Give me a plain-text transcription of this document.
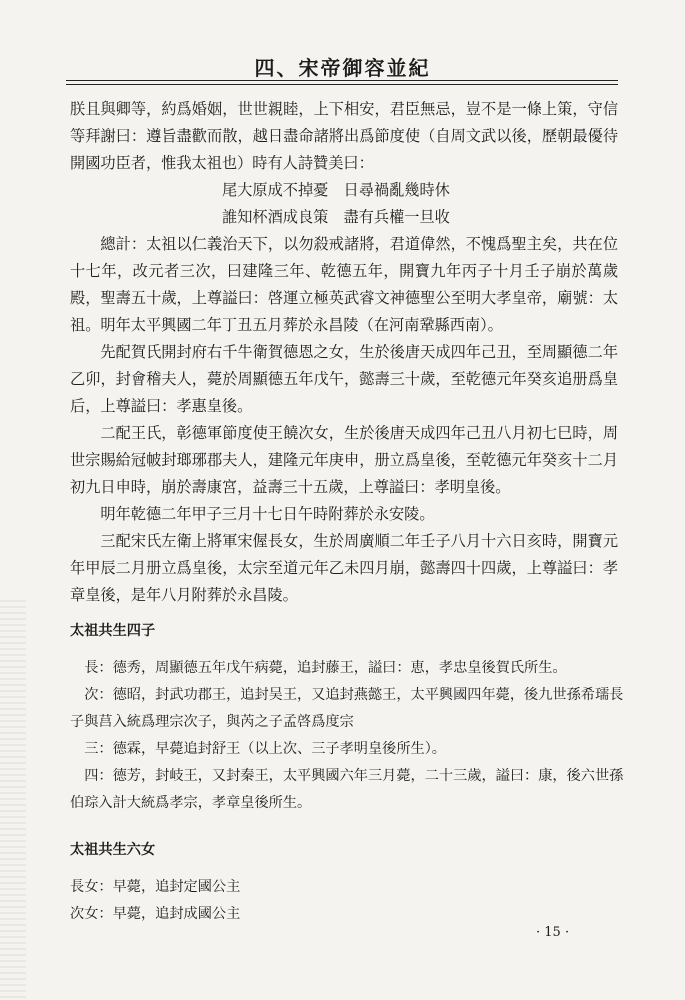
四、宋帝御容並紀

朕且與卿等，約爲婚姻，世世親睦，上下相安，君臣無忌，豈不是一條上策，守信等拜謝曰：遵旨盡歡而散，越日盡命諸將出爲節度使（自周文武以後，歷朝最優待開國功臣者，惟我太祖也）時有人詩贊美曰：

尾大原成不掉憂　日尋禍亂幾時休

誰知杯酒成良策　盡有兵權一旦收

總計：太祖以仁義治天下，以勿殺戒諸將，君道偉然，不愧爲聖主矣，共在位十七年，改元者三次，曰建隆三年、乾德五年，開寶九年丙子十月壬子崩於萬歲殿，聖壽五十歲，上尊謚曰：啓運立極英武睿文神德聖公至明大孝皇帝，廟號：太祖。明年太平興國二年丁丑五月葬於永昌陵（在河南鞏縣西南）。

先配賀氏開封府右千牛衛賀德恩之女，生於後唐天成四年己丑，至周顯德二年乙卯，封會稽夫人，薨於周顯德五年戊午，懿壽三十歲，至乾德元年癸亥追册爲皇后，上尊謚曰：孝惠皇後。

二配王氏，彰德軍節度使王饒次女，生於後唐天成四年己丑八月初七巳時，周世宗賜給冠帔封瑯琊郡夫人，建隆元年庚申，册立爲皇後，至乾德元年癸亥十二月初九日申時，崩於壽康宮，益壽三十五歲，上尊謚曰：孝明皇後。

明年乾德二年甲子三月十七日午時附葬於永安陵。

三配宋氏左衛上將軍宋偓長女，生於周廣順二年壬子八月十六日亥時，開寶元年甲辰二月册立爲皇後，太宗至道元年乙未四月崩，懿壽四十四歲，上尊謚曰：孝章皇後，是年八月附葬於永昌陵。

太祖共生四子

長：德秀，周顯德五年戊午病薨，追封藤王，謚曰：恵，孝忠皇後賀氏所生。

次：德昭，封武功郡王，追封吴王，又追封燕懿王，太平興國四年薨，後九世孫希瓀長子與莒入統爲理宗次子，與芮之子孟啓爲度宗

三：德霖，早薨追封舒王（以上次、三子孝明皇後所生）。

四：德芳，封岐王，又封秦王，太平興國六年三月薨，二十三歲，謚曰：康，後六世孫伯琮入計大統爲孝宗，孝章皇後所生。

太祖共生六女

長女：早薨，追封定國公主

次女：早薨，追封成國公主

· 15 ·
